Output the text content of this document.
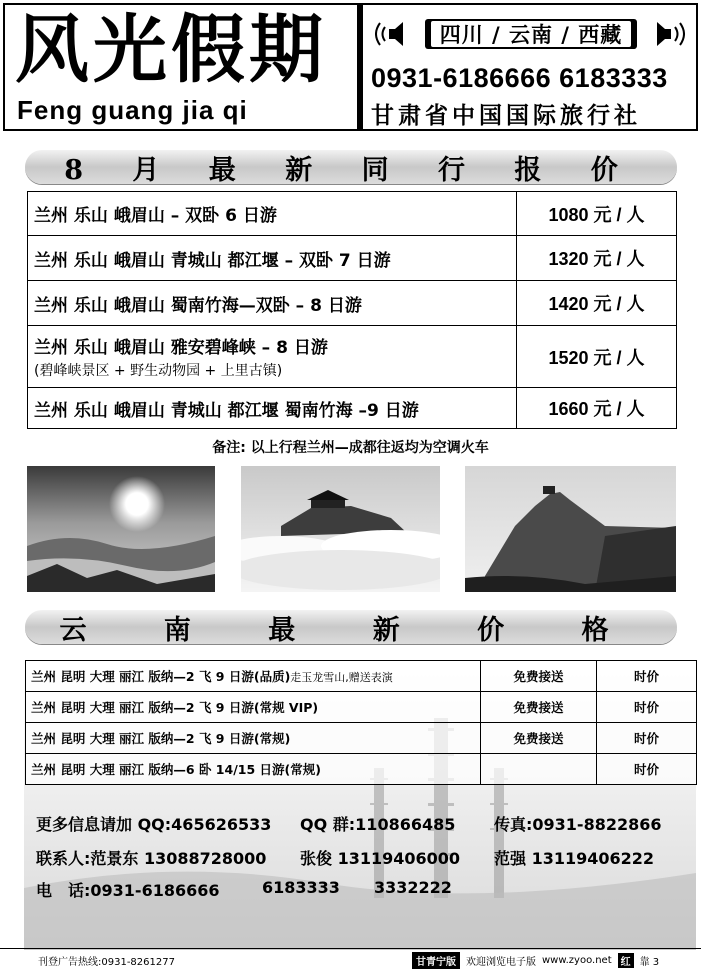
风光假期
Feng guang jia qi
四川 / 云南 / 西藏
0931-6186666 6183333
甘肃省中国国际旅行社
8 月 最 新 同 行 报 价
兰州 乐山 峨眉山 – 双卧 6 日游	1080 元 / 人
兰州 乐山 峨眉山 青城山 都江堰 – 双卧 7 日游	1320 元 / 人
兰州 乐山 峨眉山 蜀南竹海—双卧 – 8 日游	1420 元 / 人
兰州 乐山 峨眉山 雅安碧峰峡 – 8 日游
(碧峰峡景区 + 野生动物园 + 上里古镇)	1520 元 / 人
兰州 乐山 峨眉山 青城山 都江堰 蜀南竹海 –9 日游	1660 元 / 人
备注: 以上行程兰州—成都往返均为空调火车
云 南 最 新 价 格
兰州 昆明 大理 丽江 版纳—2 飞 9 日游(品质)走玉龙雪山,赠送表演	免费接送	时价
兰州 昆明 大理 丽江 版纳—2 飞 9 日游(常规 VIP)	免费接送	时价
兰州 昆明 大理 丽江 版纳—2 飞 9 日游(常规)	免费接送	时价
兰州 昆明 大理 丽江 版纳—6 卧 14/15 日游(常规)		时价
更多信息请加 QQ:465626533 QQ 群:110866485 传真:0931-8822866
联系人:范景东 13088728000 张俊 13119406000 范强 13119406222
电　话:0931-6186666	6183333 3332222
刊登广告热线:0931-8261277	甘青宁版	欢迎浏览电子版 www.zyoo.net 红 靠 3
